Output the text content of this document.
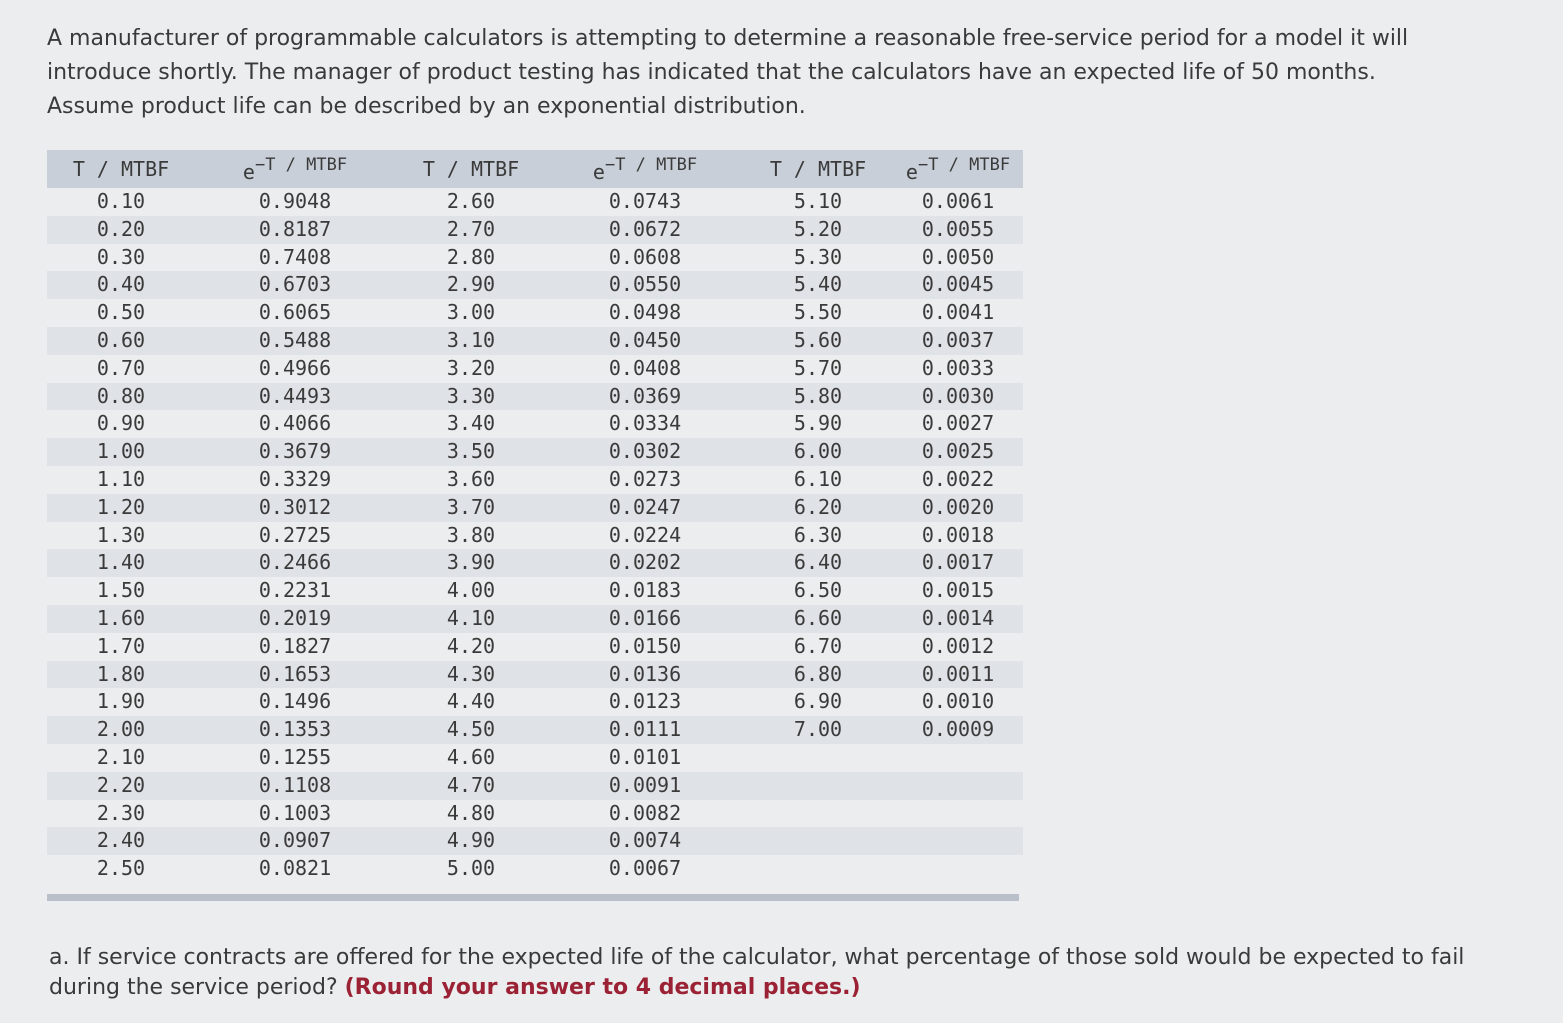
A manufacturer of programmable calculators is attempting to determine a reasonable free-service period for a model it will introduce shortly. The manager of product testing has indicated that the calculators have an expected life of 50 months. Assume product life can be described by an exponential distribution.
T / MTBF	$e^{-T / MTBF}$	T / MTBF	$e^{-T / MTBF}$	T / MTBF	$e^{-T / MTBF}$
0.10	0.9048	2.60	0.0743	5.10	0.0061
0.20	0.8187	2.70	0.0672	5.20	0.0055
0.30	0.7408	2.80	0.0608	5.30	0.0050
0.40	0.6703	2.90	0.0550	5.40	0.0045
0.50	0.6065	3.00	0.0498	5.50	0.0041
0.60	0.5488	3.10	0.0450	5.60	0.0037
0.70	0.4966	3.20	0.0408	5.70	0.0033
0.80	0.4493	3.30	0.0369	5.80	0.0030
0.90	0.4066	3.40	0.0334	5.90	0.0027
1.00	0.3679	3.50	0.0302	6.00	0.0025
1.10	0.3329	3.60	0.0273	6.10	0.0022
1.20	0.3012	3.70	0.0247	6.20	0.0020
1.30	0.2725	3.80	0.0224	6.30	0.0018
1.40	0.2466	3.90	0.0202	6.40	0.0017
1.50	0.2231	4.00	0.0183	6.50	0.0015
1.60	0.2019	4.10	0.0166	6.60	0.0014
1.70	0.1827	4.20	0.0150	6.70	0.0012
1.80	0.1653	4.30	0.0136	6.80	0.0011
1.90	0.1496	4.40	0.0123	6.90	0.0010
2.00	0.1353	4.50	0.0111	7.00	0.0009
2.10	0.1255	4.60	0.0101		
2.20	0.1108	4.70	0.0091		
2.30	0.1003	4.80	0.0082		
2.40	0.0907	4.90	0.0074		
2.50	0.0821	5.00	0.0067		
a. If service contracts are offered for the expected life of the calculator, what percentage of those sold would be expected to fail during the service period? (Round your answer to 4 decimal places.)
